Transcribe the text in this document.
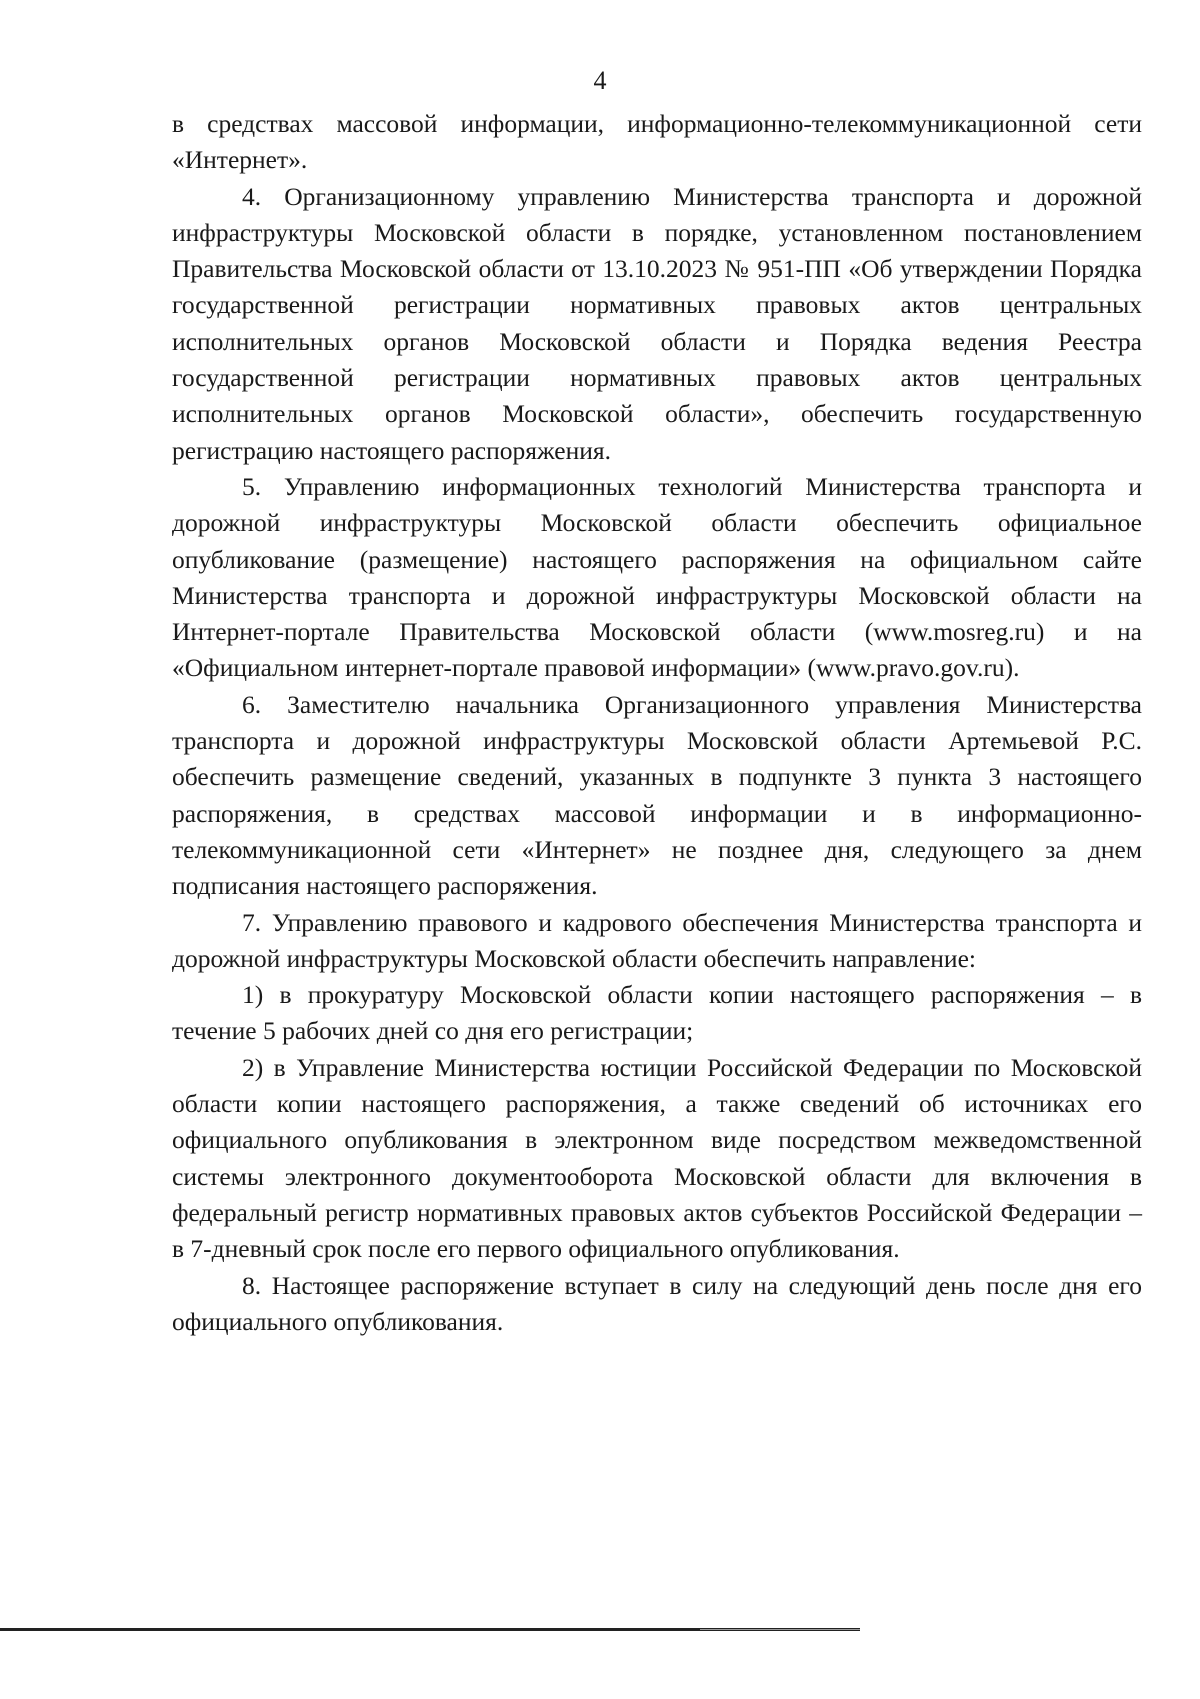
4

в средствах массовой информации, информационно-телекоммуникационной сети «Интернет».

4. Организационному управлению Министерства транспорта и дорожной инфраструктуры Московской области в порядке, установленном постановлением Правительства Московской области от 13.10.2023 № 951-ПП «Об утверждении Порядка государственной регистрации нормативных правовых актов центральных исполнительных органов Московской области и Порядка ведения Реестра государственной регистрации нормативных правовых актов центральных исполнительных органов Московской области», обеспечить государственную регистрацию настоящего распоряжения.

5. Управлению информационных технологий Министерства транспорта и дорожной инфраструктуры Московской области обеспечить официальное опубликование (размещение) настоящего распоряжения на официальном сайте Министерства транспорта и дорожной инфраструктуры Московской области на Интернет-портале Правительства Московской области (www.mosreg.ru) и на «Официальном интернет-портале правовой информации» (www.pravo.gov.ru).

6. Заместителю начальника Организационного управления Министерства транспорта и дорожной инфраструктуры Московской области Артемьевой Р.С. обеспечить размещение сведений, указанных в подпункте 3 пункта 3 настоящего распоряжения, в средствах массовой информации и в информационно-телекоммуникационной сети «Интернет» не позднее дня, следующего за днем подписания настоящего распоряжения.

7. Управлению правового и кадрового обеспечения Министерства транспорта и дорожной инфраструктуры Московской области обеспечить направление:

1) в прокуратуру Московской области копии настоящего распоряжения – в течение 5 рабочих дней со дня его регистрации;

2) в Управление Министерства юстиции Российской Федерации по Московской области копии настоящего распоряжения, а также сведений об источниках его официального опубликования в электронном виде посредством межведомственной системы электронного документооборота Московской области для включения в федеральный регистр нормативных правовых актов субъектов Российской Федерации – в 7-дневный срок после его первого официального опубликования.

8. Настоящее распоряжение вступает в силу на следующий день после дня его официального опубликования.
